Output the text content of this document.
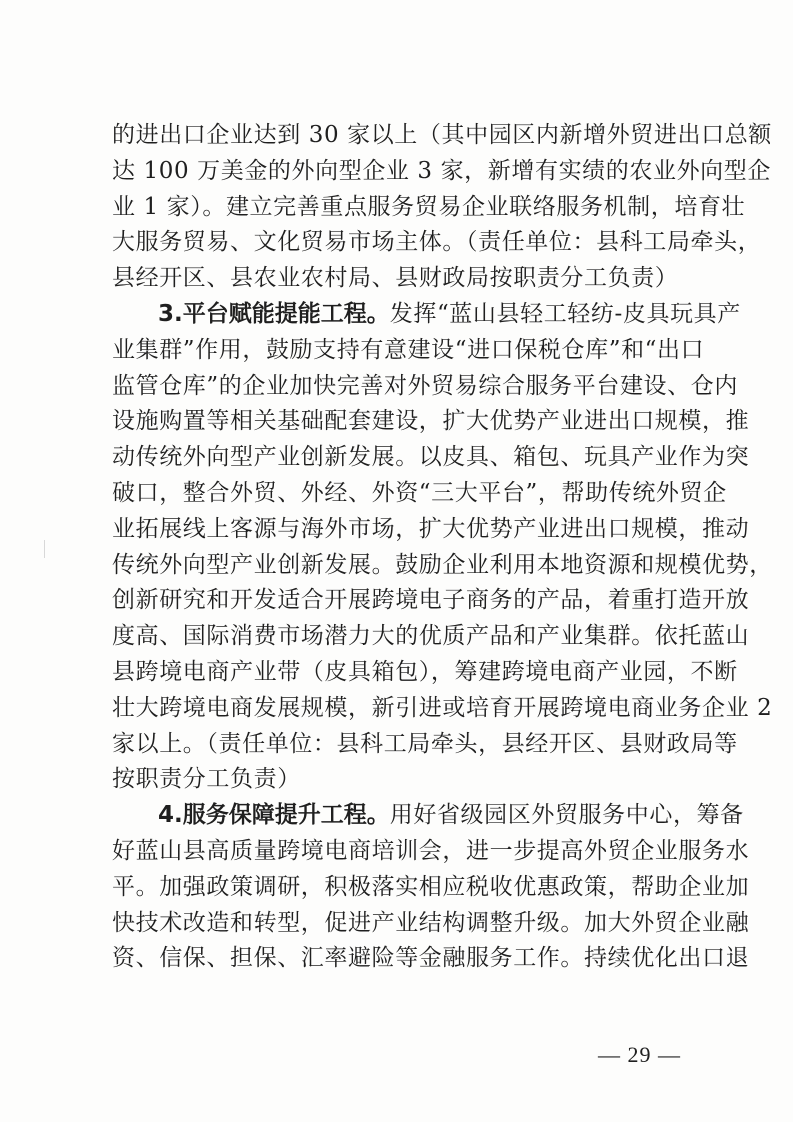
的进出口企业达到 30 家以上（其中园区内新增外贸进出口总额
达 100 万美金的外向型企业 3 家，新增有实绩的农业外向型企
业 1 家）。建立完善重点服务贸易企业联络服务机制，培育壮
大服务贸易、文化贸易市场主体。（责任单位：县科工局牵头，
县经开区、县农业农村局、县财政局按职责分工负责）
3.平台赋能提能工程。发挥“蓝山县轻工轻纺-皮具玩具产
业集群”作用，鼓励支持有意建设“进口保税仓库”和“出口
监管仓库”的企业加快完善对外贸易综合服务平台建设、仓内
设施购置等相关基础配套建设，扩大优势产业进出口规模，推
动传统外向型产业创新发展。以皮具、箱包、玩具产业作为突
破口，整合外贸、外经、外资“三大平台”，帮助传统外贸企
业拓展线上客源与海外市场，扩大优势产业进出口规模，推动
传统外向型产业创新发展。鼓励企业利用本地资源和规模优势，
创新研究和开发适合开展跨境电子商务的产品，着重打造开放
度高、国际消费市场潜力大的优质产品和产业集群。依托蓝山
县跨境电商产业带（皮具箱包），筹建跨境电商产业园，不断
壮大跨境电商发展规模，新引进或培育开展跨境电商业务企业 2
家以上。（责任单位：县科工局牵头，县经开区、县财政局等
按职责分工负责）
4.服务保障提升工程。用好省级园区外贸服务中心，筹备
好蓝山县高质量跨境电商培训会，进一步提高外贸企业服务水
平。加强政策调研，积极落实相应税收优惠政策，帮助企业加
快技术改造和转型，促进产业结构调整升级。加大外贸企业融
资、信保、担保、汇率避险等金融服务工作。持续优化出口退
— 29 —
